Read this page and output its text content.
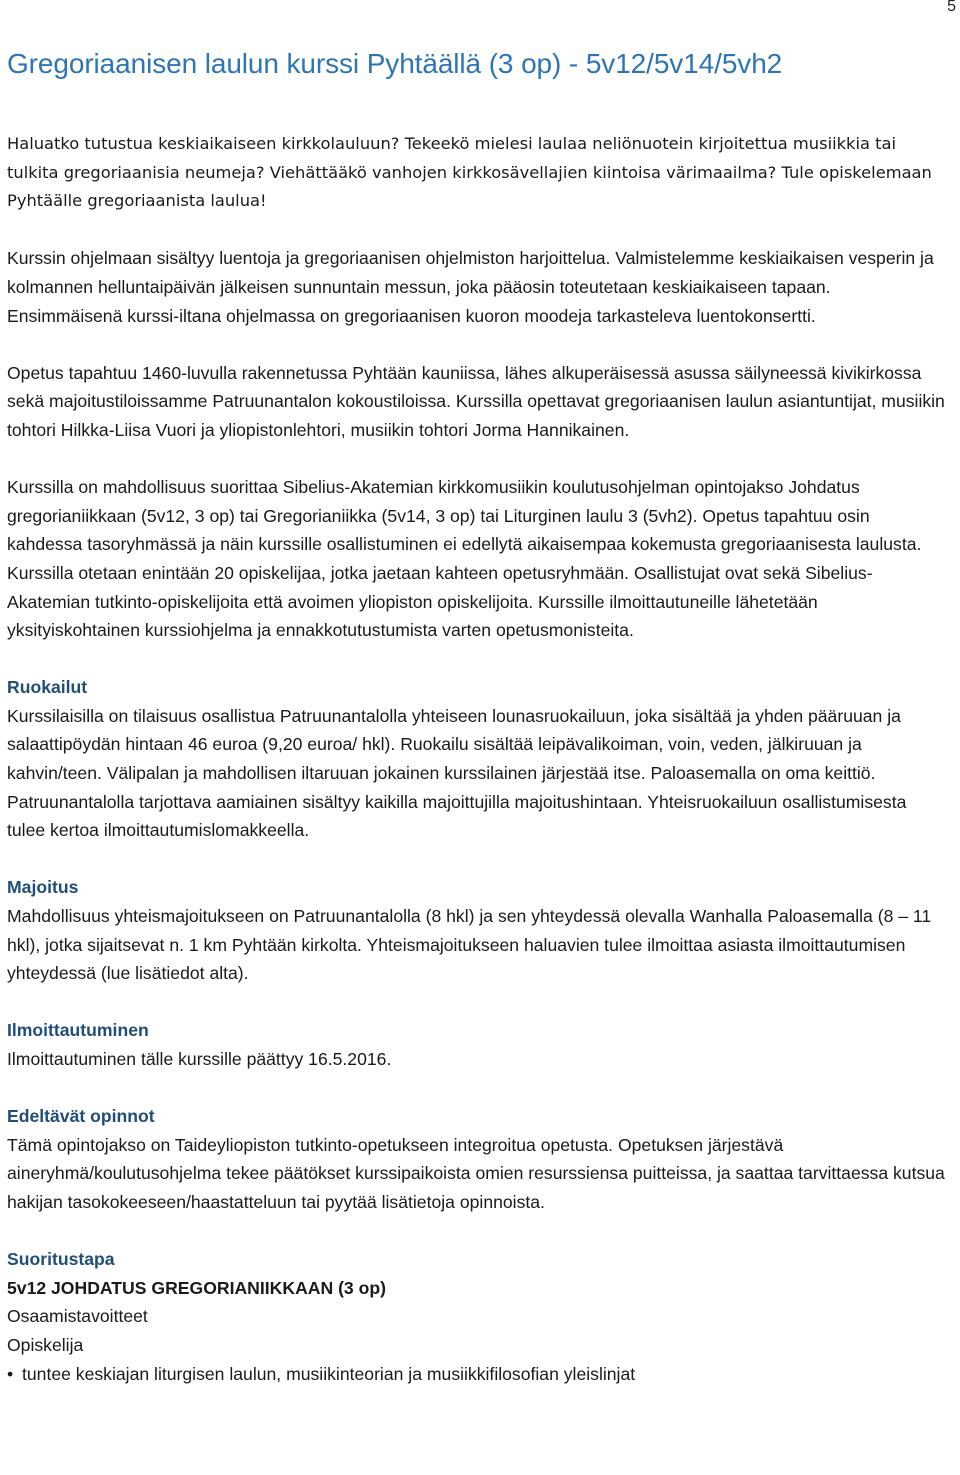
5
Gregoriaanisen laulun kurssi Pyhtäällä (3 op) - 5v12/5v14/5vh2

Haluatko tutustua keskiaikaiseen kirkkolauluun? Tekeekö mielesi laulaa neliönuotein kirjoitettua musiikkia tai tulkita gregoriaanisia neumeja? Viehättääkö vanhojen kirkkosävellajien kiintoisa värimaailma? Tule opiskelemaan Pyhtäälle gregoriaanista laulua!

Kurssin ohjelmaan sisältyy luentoja ja gregoriaanisen ohjelmiston harjoittelua. Valmistelemme keskiaikaisen vesperin ja kolmannen helluntaipäivän jälkeisen sunnuntain messun, joka pääosin toteutetaan keskiaikaiseen tapaan. Ensimmäisenä kurssi-iltana ohjelmassa on gregoriaanisen kuoron moodeja tarkasteleva luentokonsertti.

Opetus tapahtuu 1460-luvulla rakennetussa Pyhtään kauniissa, lähes alkuperäisessä asussa säilyneessä kivikirkossa sekä majoitustiloissamme Patruunantalon kokoustiloissa. Kurssilla opettavat gregoriaanisen laulun asiantuntijat, musiikin tohtori Hilkka-Liisa Vuori ja yliopistonlehtori, musiikin tohtori Jorma Hannikainen.

Kurssilla on mahdollisuus suorittaa Sibelius-Akatemian kirkkomusiikin koulutusohjelman opintojakso Johdatus gregorianiikkaan (5v12, 3 op) tai Gregorianiikka (5v14, 3 op) tai Liturginen laulu 3 (5vh2). Opetus tapahtuu osin kahdessa tasoryhmässä ja näin kurssille osallistuminen ei edellytä aikaisempaa kokemusta gregoriaanisesta laulusta. Kurssilla otetaan enintään 20 opiskelijaa, jotka jaetaan kahteen opetusryhmään. Osallistujat ovat sekä Sibelius-Akatemian tutkinto-opiskelijoita että avoimen yliopiston opiskelijoita. Kurssille ilmoittautuneille lähetetään yksityiskohtainen kurssiohjelma ja ennakkotutustumista varten opetusmonisteita.

Ruokailut
Kurssilaisilla on tilaisuus osallistua Patruunantalolla yhteiseen lounasruokailuun, joka sisältää ja yhden pääruuan ja salaattipöydän hintaan 46 euroa (9,20 euroa/ hkl). Ruokailu sisältää leipävalikoiman, voin, veden, jälkiruuan ja kahvin/teen. Välipalan ja mahdollisen iltaruuan jokainen kurssilainen järjestää itse. Paloasemalla on oma keittiö. Patruunantalolla tarjottava aamiainen sisältyy kaikilla majoittujilla majoitushintaan. Yhteisruokailuun osallistumisesta tulee kertoa ilmoittautumislomakkeella.

Majoitus
Mahdollisuus yhteismajoitukseen on Patruunantalolla (8 hkl) ja sen yhteydessä olevalla Wanhalla Paloasemalla (8 – 11 hkl), jotka sijaitsevat n. 1 km Pyhtään kirkolta. Yhteismajoitukseen haluavien tulee ilmoittaa asiasta ilmoittautumisen yhteydessä (lue lisätiedot alta).

Ilmoittautuminen
Ilmoittautuminen tälle kurssille päättyy 16.5.2016.

Edeltävät opinnot
Tämä opintojakso on Taideyliopiston tutkinto-opetukseen integroitua opetusta. Opetuksen järjestävä aineryhmä/koulutusohjelma tekee päätökset kurssipaikoista omien resurssiensa puitteissa, ja saattaa tarvittaessa kutsua hakijan tasokokeeseen/haastatteluun tai pyytää lisätietoja opinnoista.

Suoritustapa
5v12 JOHDATUS GREGORIANIIKKAAN (3 op)
Osaamistavoitteet
Opiskelija

• tuntee keskiajan liturgisen laulun, musiikinteorian ja musiikkifilosofian yleislinjat
